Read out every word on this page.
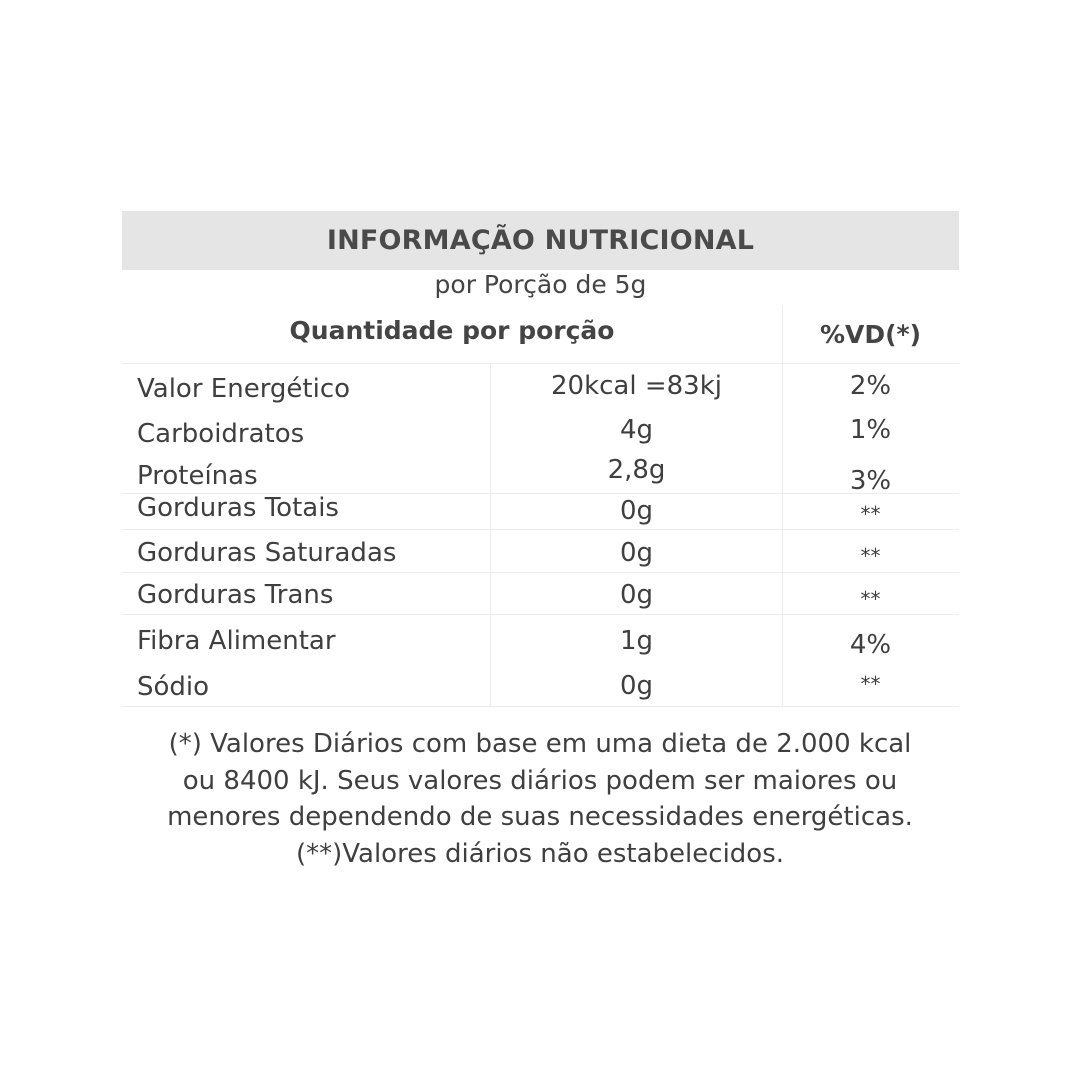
INFORMAÇÃO NUTRICIONAL
por Porção de 5g
Quantidade por porção	%VD(*)
Valor Energético	20kcal =83kj	2%
Carboidratos	4g	1%
Proteínas	2,8g	3%
Gorduras Totais	0g	**
Gorduras Saturadas	0g	**
Gorduras Trans	0g	**
Fibra Alimentar	1g	4%
Sódio	0g	**
(*) Valores Diários com base em uma dieta de 2.000 kcal
ou 8400 kJ. Seus valores diários podem ser maiores ou
menores dependendo de suas necessidades energéticas.
(**)Valores diários não estabelecidos.
